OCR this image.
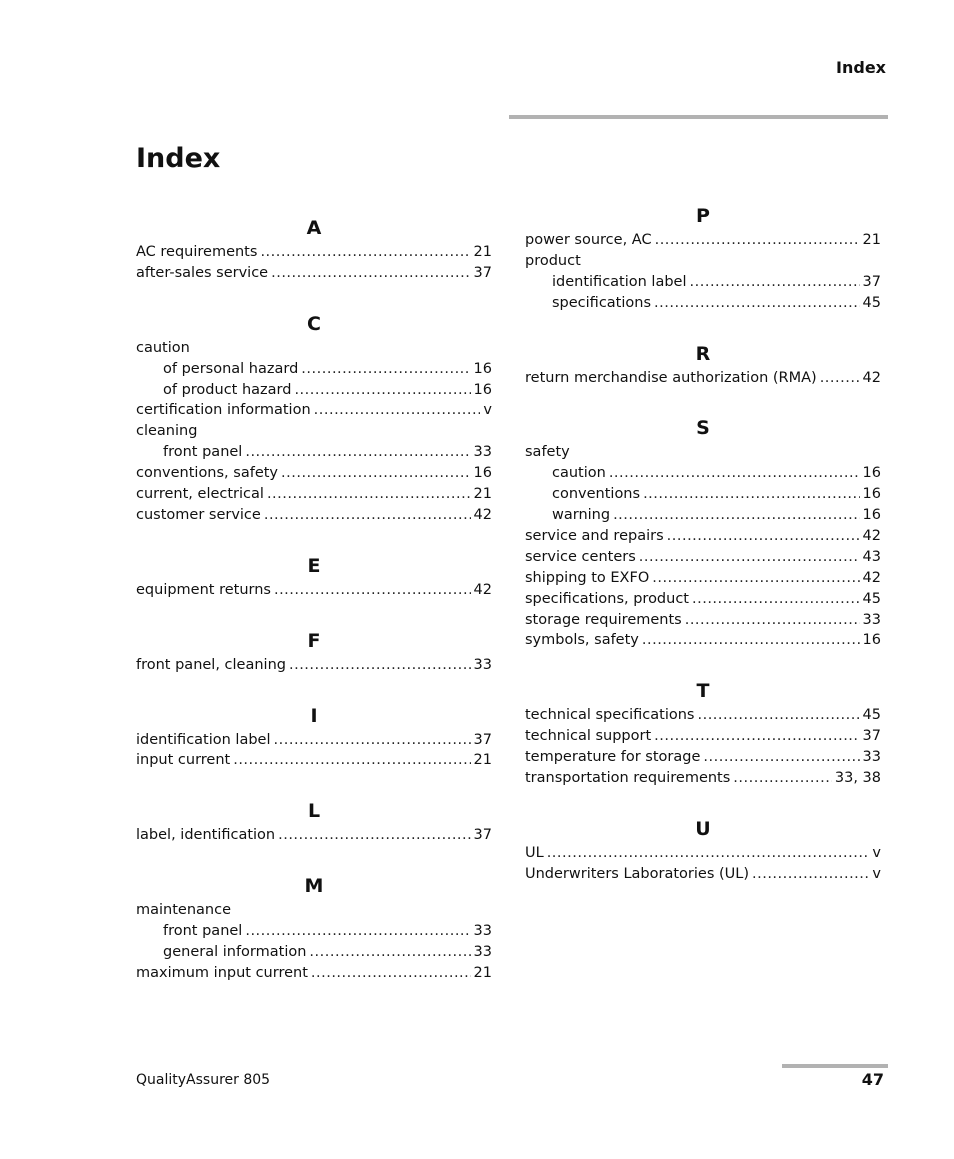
Index

Index
A
AC requirements .....	21
after-sales service .....	37
C
caution
of personal hazard .....	16
of product hazard .....	16
certification information .....	v
cleaning
front panel .....	33
conventions, safety .....	16
current, electrical .....	21
customer service .....	42
E
equipment returns .....	42
F
front panel, cleaning .....	33
I
identification label .....	37
input current .....	21
L
label, identification .....	37
M
maintenance
front panel .....	33
general information .....	33
maximum input current .....	21
P
power source, AC .....	21
product
identification label .....	37
specifications .....	45
R
return merchandise authorization (RMA) .....	42
S
safety
caution .....	16
conventions .....	16
warning .....	16
service and repairs .....	42
service centers .....	43
shipping to EXFO .....	42
specifications, product .....	45
storage requirements .....	33
symbols, safety .....	16
T
technical specifications .....	45
technical support .....	37
temperature for storage .....	33
transportation requirements .....	33, 38
U
UL .....	v
Underwriters Laboratories (UL) .....	v

QualityAssurer 805	47
